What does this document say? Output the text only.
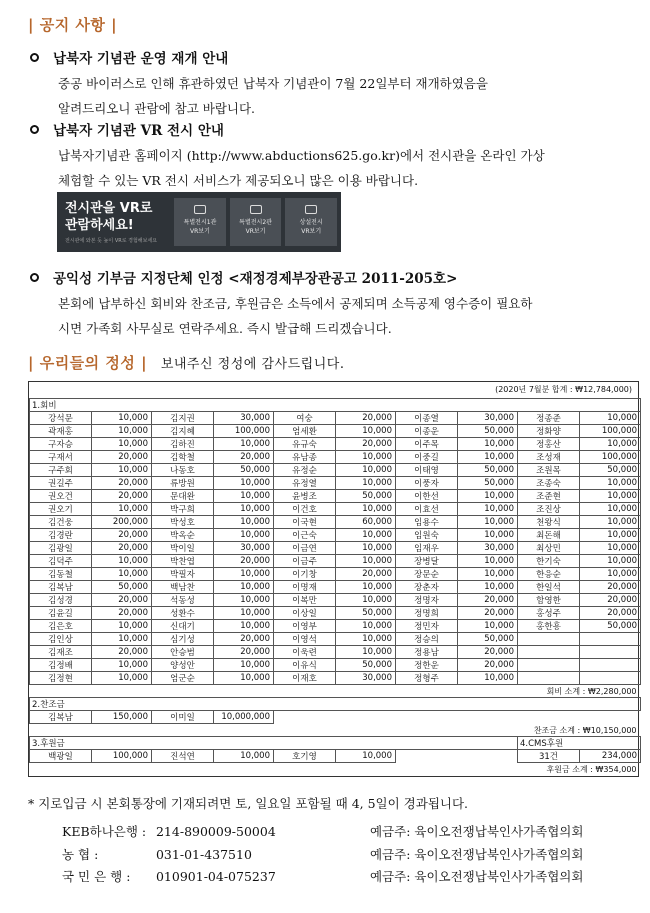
| 공지 사항 |
납북자 기념관 운영 재개 안내
중공 바이러스로 인해 휴관하였던 납북자 기념관이 7월 22일부터 재개하였음을
알려드리오니 관람에 참고 바랍니다.
납북자 기념관 VR 전시 안내
납북자기념관 홈페이지 (http://www.abductions625.go.kr)에서 전시관을 온라인 가상
체험할 수 있는 VR 전시 서비스가 제공되오니 많은 이용 바랍니다.
전시관을 VR로
관람하세요!
전시관에 와본 듯 높이 VR로 경험해보세요
특별전시1관
VR보기
특별전시2관
VR보기
상설전시
VR보기
공익성 기부금 지정단체 인정 <재정경제부장관공고 2011-205호>
본회에 납부하신 회비와 찬조금, 후원금은 소득에서 공제되며 소득공제 영수증이 필요하
시면 가족회 사무실로 연락주세요. 즉시 발급해 드리겠습니다.
| 우리들의 정성 | 보내주신 정성에 감사드립니다.
(2020년 7월분 합계 : ₩12,784,000)
1.회비									
강석문	10,000	김지권	30,000	여숭	20,000	이종열	30,000	정종준	10,000
곽재홍	10,000	김지혜	100,000	엄세환	10,000	이종운	50,000	정화양	100,000
구자승	10,000	김하진	10,000	유규숙	20,000	이주목	10,000	정홍산	10,000
구재서	20,000	김학철	20,000	유남종	10,000	이중길	10,000	조성재	100,000
구주회	10,000	나동호	50,000	유정순	10,000	이태영	50,000	조원목	50,000
권길주	20,000	류방원	10,000	유정열	10,000	이풍자	50,000	조종숙	10,000
권오건	20,000	문대완	10,000	윤병조	50,000	이한선	10,000	조준현	10,000
권오기	10,000	박구희	10,000	이건호	10,000	이효선	10,000	조진상	10,000
김건웅	200,000	박성호	10,000	이국현	60,000	임용수	10,000	천왕식	10,000
김경란	20,000	박옥순	10,000	이근숙	10,000	임원숙	10,000	최돈해	10,000
김광일	20,000	박이일	30,000	이금연	10,000	임재우	30,000	최상민	10,000
김덕주	10,000	박찬엽	20,000	이금주	10,000	장병달	10,000	한기숙	10,000
김동철	10,000	박필자	10,000	이기창	20,000	장문순	10,000	한응순	10,000
김복남	50,000	백남찬	10,000	이명재	10,000	장춘자	10,000	한일석	20,000
김성경	20,000	석동성	10,000	이복만	10,000	정명자	20,000	함영한	20,000
김윤길	20,000	성환수	10,000	이상일	50,000	정명희	20,000	홍성주	20,000
김은호	10,000	신대기	10,000	이영부	10,000	정민자	10,000	홍한흥	50,000
김인상	10,000	심기성	20,000	이영석	10,000	정승의	50,000		
김재조	20,000	안승범	20,000	이욱련	10,000	정용남	20,000		
김정배	10,000	양성안	10,000	이유식	50,000	정한운	20,000		
김정현	10,000	엄군순	10,000	이재호	30,000	정형주	10,000		
회비 소계 : ₩2,280,000									
2.찬조금									
김복남	150,000	이미일	10,000,000						
찬조금 소계 : ₩10,150,000									
3.후원금								4.CMS후원	
백광일	100,000	진석연	10,000	호기영	10,000			31건	234,000
후원금 소계 : ₩354,000									
* 지로입금 시 본회통장에 기재되려면 토, 일요일 포함될 때 4, 5일이 경과됩니다.
KEB하나은행 : 214-890009-50004	예금주: 육이오전쟁납북인사가족협의회
농 협 :	031-01-437510	예금주: 육이오전쟁납북인사가족협의회
국 민 은 행 : 010901-04-075237	예금주: 육이오전쟁납북인사가족협의회
